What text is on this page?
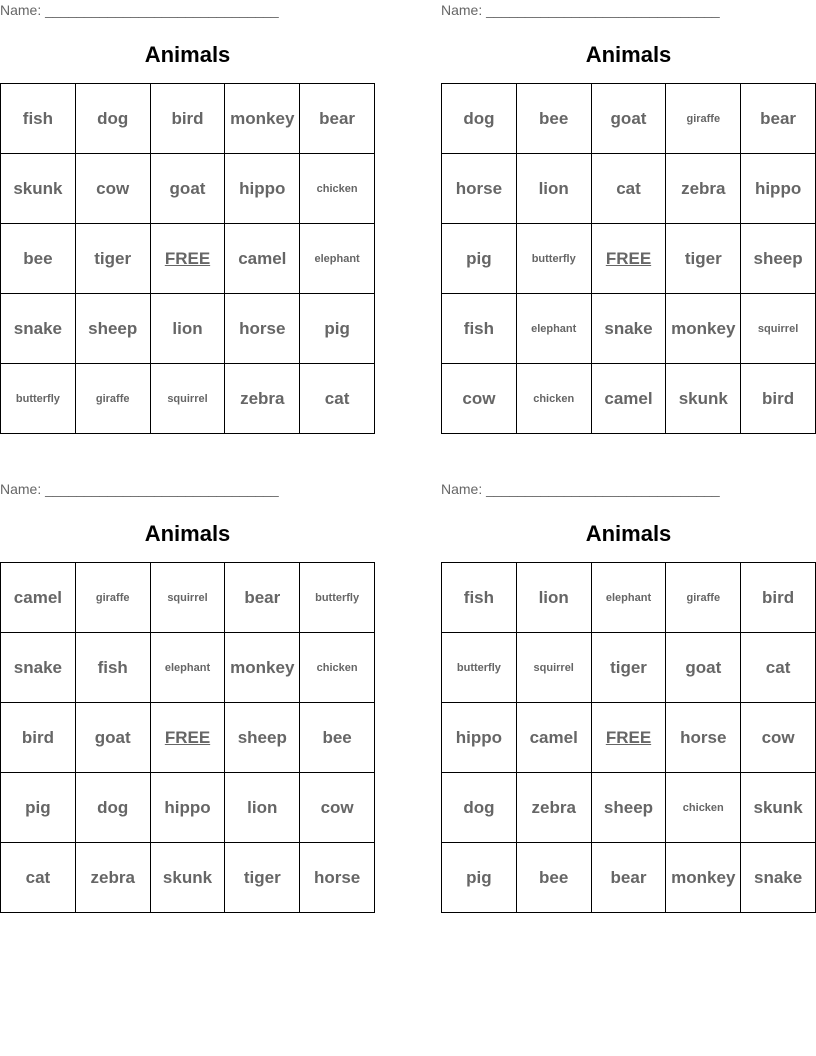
Name: ______________________________
Animals
fish	dog	bird	monkey	bear
skunk	cow	goat	hippo	chicken
bee	tiger	FREE	camel	elephant
snake	sheep	lion	horse	pig
butterfly	giraffe	squirrel	zebra	cat
Name: ______________________________
Animals
dog	bee	goat	giraffe	bear
horse	lion	cat	zebra	hippo
pig	butterfly	FREE	tiger	sheep
fish	elephant	snake	monkey	squirrel
cow	chicken	camel	skunk	bird
Name: ______________________________
Animals
camel	giraffe	squirrel	bear	butterfly
snake	fish	elephant	monkey	chicken
bird	goat	FREE	sheep	bee
pig	dog	hippo	lion	cow
cat	zebra	skunk	tiger	horse
Name: ______________________________
Animals
fish	lion	elephant	giraffe	bird
butterfly	squirrel	tiger	goat	cat
hippo	camel	FREE	horse	cow
dog	zebra	sheep	chicken	skunk
pig	bee	bear	monkey	snake
